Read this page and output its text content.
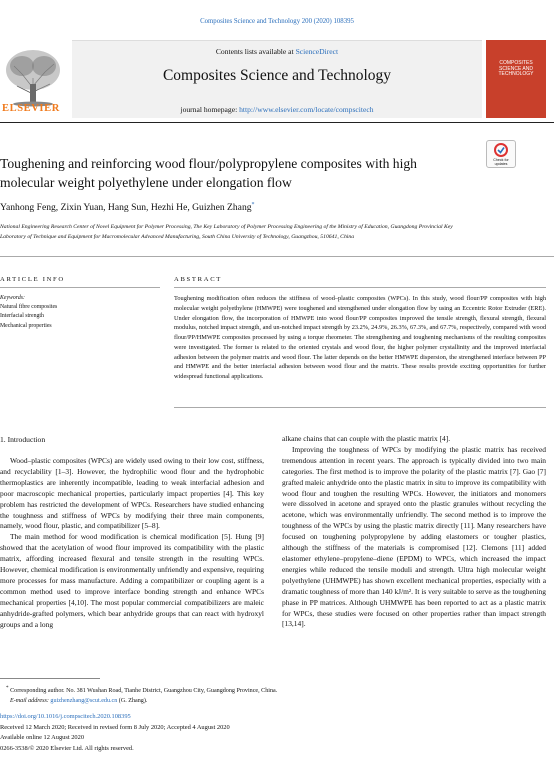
Composites Science and Technology 200 (2020) 108395
ELSEVIER
Contents lists available at ScienceDirect
Composites Science and Technology
journal homepage: http://www.elsevier.com/locate/compscitech
COMPOSITES SCIENCE AND TECHNOLOGY
Check for updates
Toughening and reinforcing wood flour/polypropylene composites with high molecular weight polyethylene under elongation flow
Yanhong Feng, Zixin Yuan, Hang Sun, Hezhi He, Guizhen Zhang*
National Engineering Research Center of Novel Equipment for Polymer Processing, The Key Laboratory of Polymer Processing Engineering of the Ministry of Education, Guangdong Provincial Key Laboratory of Technique and Equipment for Macromolecular Advanced Manufacturing, South China University of Technology, Guangzhou, 510641, China
ARTICLE INFO
Keywords:
Natural fibre composites
Interfacial strength
Mechanical properties
ABSTRACT
Toughening modification often reduces the stiffness of wood–plastic composites (WPCs). In this study, wood flour/PP composites with high molecular weight polyethylene (HMWPE) were toughened and strengthened under elongation flow by using an Eccentric Rotor Extruder (ERE). Under elongation flow, the incorporation of HMWPE into wood flour/PP composites improved the tensile strength, flexural strength, flexural modulus, notched impact strength, and un-notched impact strength by 23.2%, 24.9%, 26.3%, 67.3%, and 67.7%, respectively, compared with wood flour/PP/HMWPE composites processed by using a torque rheometer. The strengthening and toughening mechanisms of the resulting composites were investigated. The former is related to the oriented crystals and wood flour, the higher polymer crystallinity and the improved interfacial adhesion between the polymer matrix and wood flour. The latter depends on the better HMWPE dispersion, the strengthened interface between PP and HMWPE and the better interfacial adhesion between wood flour and the matrix. These results provide exciting opportunities for further widespread functional applications.
1. Introduction

Wood–plastic composites (WPCs) are widely used owing to their low cost, stiffness, and recyclability [1–3]. However, the hydrophilic wood flour and the hydrophobic thermoplastics are inherently incompatible, leading to weak interfacial adhesion and poor macroscopic mechanical properties, particularly impact properties [4]. This key problem has restricted the development of WPCs. Researchers have studied enhancing the toughness and stiffness of WPCs by modifying their three main components, namely, wood flour, plastic, and compatibilizer [5–8].

The main method for wood modification is chemical modification [5]. Hung [9] showed that the acetylation of wood flour improved its compatibility with the plastic matrix, affording increased flexural and tensile strength in the resulting WPCs. However, chemical modification is environmentally unfriendly and expensive, requiring more processes for mass manufacture. Adding a compatibilizer or coupling agent is a common method used to improve interface bonding strength and enhance WPCs mechanical properties [4,10]. The most popular commercial compatibilizers are maleic anhydride-grafted polymers, which bear anhydride groups that can react with hydroxyl groups and a long

alkane chains that can couple with the plastic matrix [4].

Improving the toughness of WPCs by modifying the plastic matrix has received tremendous attention in recent years. The approach is typically divided into two main categories. The first method is to improve the polarity of the plastic matrix [7]. Gao [7] grafted maleic anhydride onto the plastic matrix in situ to improve its compatibility with wood flour and toughen the resulting WPCs. However, the initiators and monomers were dissolved in acetone and sprayed onto the plastic granules without recycling the acetone, which was environmentally unfriendly. The second method is to improve the toughness of the WPCs by using the plastic matrix directly [11]. Many researchers have focused on toughening polypropylene by adding elastomers or tougher plastics, although the stiffness of the materials is compromised [12]. Clemons [11] added elastomer ethylene–propylene–diene (EPDM) to WPCs, which increased the impact energies while reduced the tensile moduli and strength. Ultra high molecular weight polyethylene (UHMWPE) has shown excellent mechanical properties, especially with a dramatic toughness of more than 140 kJ/m². It is very suitable to serve as the toughening phase in PP matrices. Although UHMWPE has been reported to act as a plastic matrix for WPCs, these studies were focused on other properties rather than impact strength [13,14].

* Corresponding author. No. 381 Wushan Road, Tianhe District, Guangzhou City, Guangdong Province, China.
E-mail address: guizhenzhang@scut.edu.cn (G. Zhang).
https://doi.org/10.1016/j.compscitech.2020.108395
Received 12 March 2020; Received in revised form 8 July 2020; Accepted 4 August 2020
Available online 12 August 2020
0266-3538/© 2020 Elsevier Ltd. All rights reserved.
